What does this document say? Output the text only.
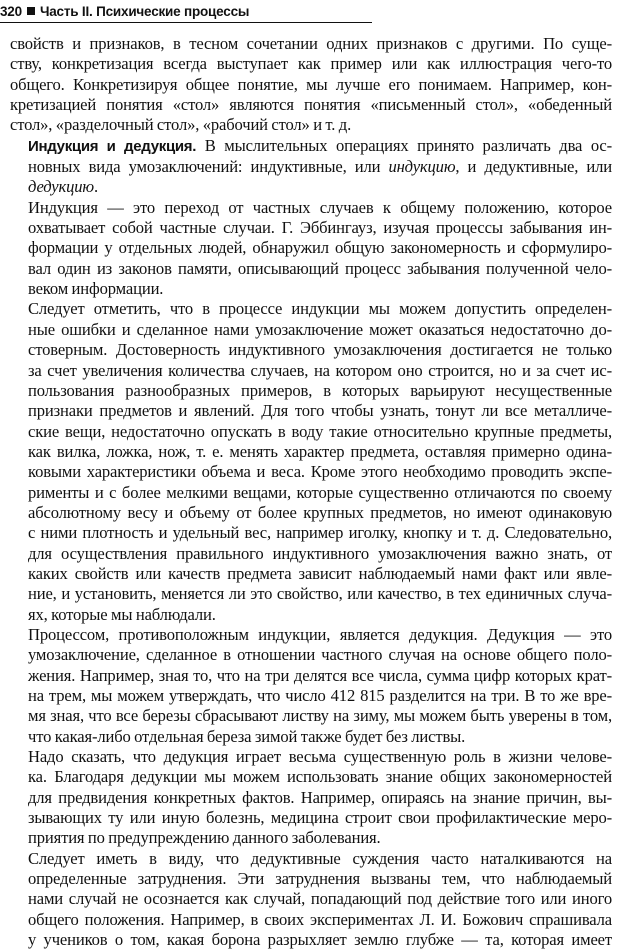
320 Часть II. Психические процессы

свойств и признаков, в тесном сочетании одних признаков с другими. По суще-
ству, конкретизация всегда выступает как пример или как иллюстрация чего-то
общего. Конкретизируя общее понятие, мы лучше его понимаем. Например, кон-
кретизацией понятия «стол» являются понятия «письменный стол», «обеденный
стол», «разделочный стол», «рабочий стол» и т. д.

Индукция и дедукция. В мыслительных операциях принято различать два ос-
новных вида умозаключений: индуктивные, или индукцию, и дедуктивные, или
дедукцию.

Индукция — это переход от частных случаев к общему положению, которое
охватывает собой частные случаи. Г. Эббингауз, изучая процессы забывания ин-
формации у отдельных людей, обнаружил общую закономерность и сформулиро-
вал один из законов памяти, описывающий процесс забывания полученной чело-
веком информации.

Следует отметить, что в процессе индукции мы можем допустить определен-
ные ошибки и сделанное нами умозаключение может оказаться недостаточно до-
стоверным. Достоверность индуктивного умозаключения достигается не только
за счет увеличения количества случаев, на котором оно строится, но и за счет ис-
пользования разнообразных примеров, в которых варьируют несущественные
признаки предметов и явлений. Для того чтобы узнать, тонут ли все металличе-
ские вещи, недостаточно опускать в воду такие относительно крупные предметы,
как вилка, ложка, нож, т. е. менять характер предмета, оставляя примерно одина-
ковыми характеристики объема и веса. Кроме этого необходимо проводить экспе-
рименты и с более мелкими вещами, которые существенно отличаются по своему
абсолютному весу и объему от более крупных предметов, но имеют одинаковую
с ними плотность и удельный вес, например иголку, кнопку и т. д. Следовательно,
для осуществления правильного индуктивного умозаключения важно знать, от
каких свойств или качеств предмета зависит наблюдаемый нами факт или явле-
ние, и установить, меняется ли это свойство, или качество, в тех единичных случа-
ях, которые мы наблюдали.

Процессом, противоположным индукции, является дедукция. Дедукция — это
умозаключение, сделанное в отношении частного случая на основе общего поло-
жения. Например, зная то, что на три делятся все числа, сумма цифр которых крат-
на трем, мы можем утверждать, что число 412 815 разделится на три. В то же вре-
мя зная, что все березы сбрасывают листву на зиму, мы можем быть уверены в том,
что какая-либо отдельная береза зимой также будет без листвы.

Надо сказать, что дедукция играет весьма существенную роль в жизни челове-
ка. Благодаря дедукции мы можем использовать знание общих закономерностей
для предвидения конкретных фактов. Например, опираясь на знание причин, вы-
зывающих ту или иную болезнь, медицина строит свои профилактические меро-
приятия по предупреждению данного заболевания.

Следует иметь в виду, что дедуктивные суждения часто наталкиваются на
определенные затруднения. Эти затруднения вызваны тем, что наблюдаемый
нами случай не осознается как случай, попадающий под действие того или иного
общего положения. Например, в своих экспериментах Л. И. Божович спрашивала
у учеников о том, какая борона разрыхляет землю глубже — та, которая имеет
